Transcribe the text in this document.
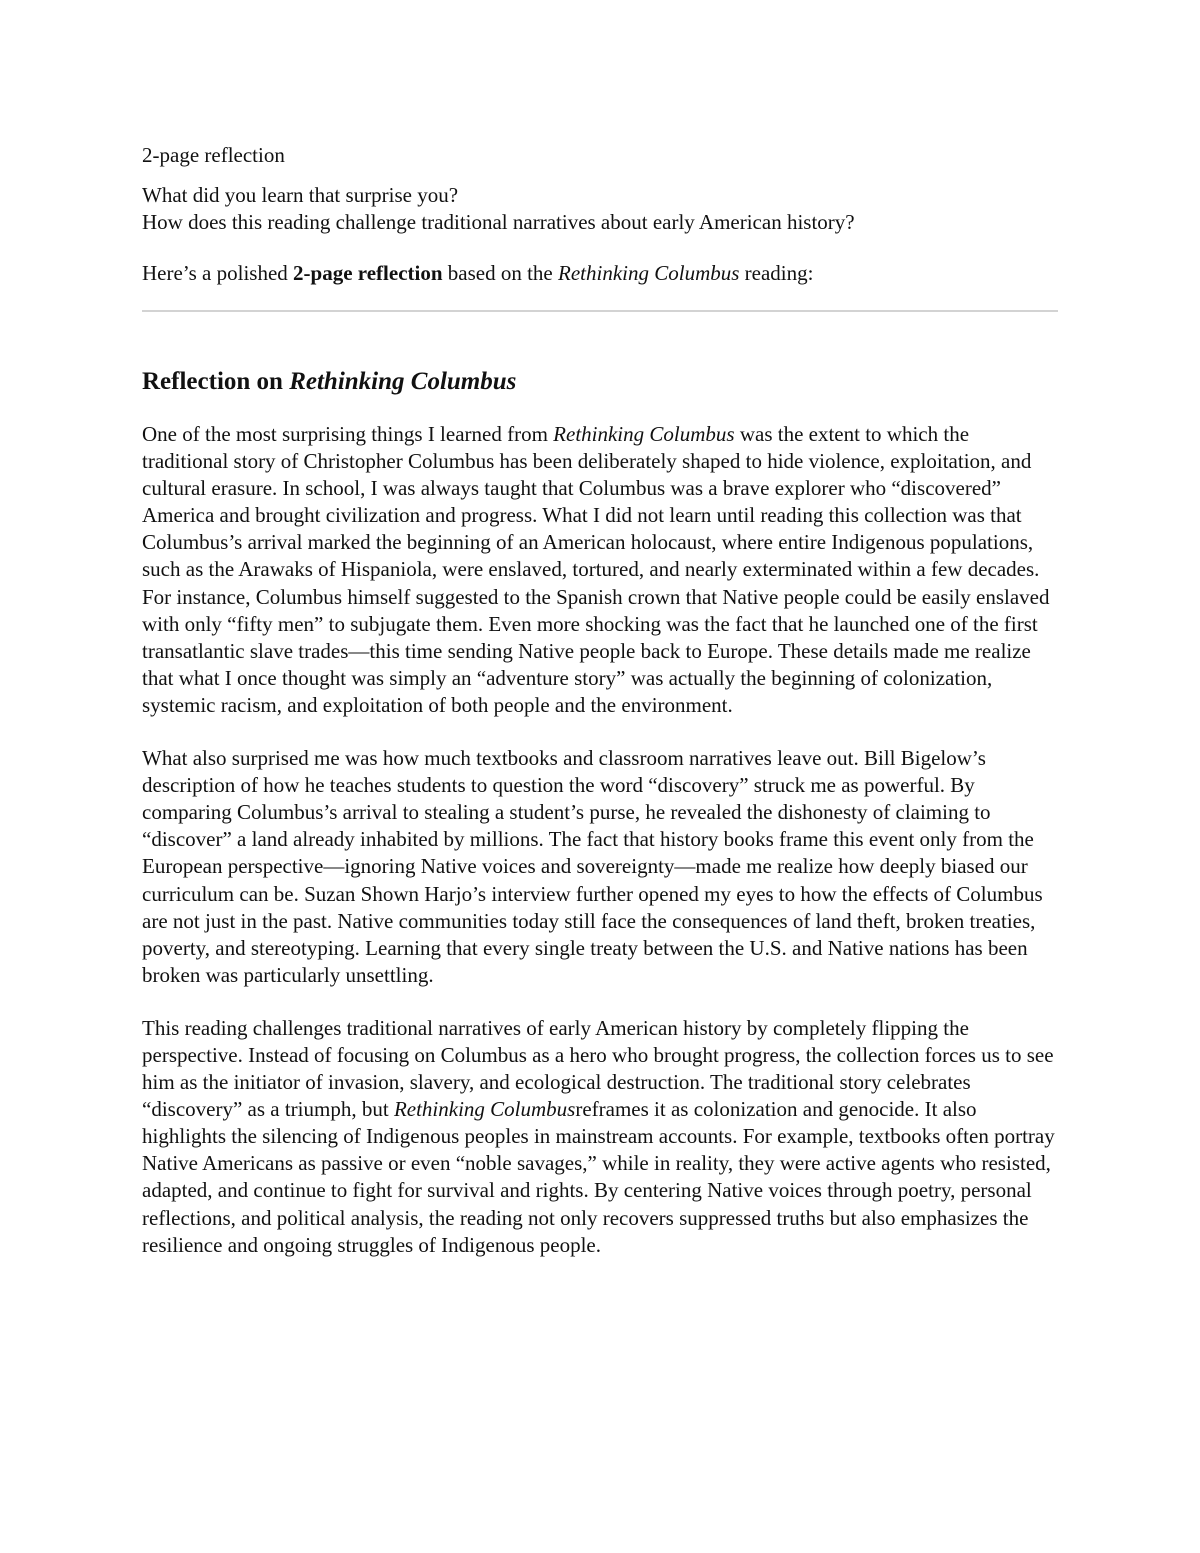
2-page reflection

What did you learn that surprise you?

How does this reading challenge traditional narratives about early American history?

Here’s a polished 2-page reflection based on the Rethinking Columbus reading:

Reflection on Rethinking Columbus

One of the most surprising things I learned from Rethinking Columbus was the extent to which the traditional story of Christopher Columbus has been deliberately shaped to hide violence, exploitation, and cultural erasure. In school, I was always taught that Columbus was a brave explorer who “discovered” America and brought civilization and progress. What I did not learn until reading this collection was that Columbus’s arrival marked the beginning of an American holocaust, where entire Indigenous populations, such as the Arawaks of Hispaniola, were enslaved, tortured, and nearly exterminated within a few decades. For instance, Columbus himself suggested to the Spanish crown that Native people could be easily enslaved with only “fifty men” to subjugate them. Even more shocking was the fact that he launched one of the first transatlantic slave trades—this time sending Native people back to Europe. These details made me realize that what I once thought was simply an “adventure story” was actually the beginning of colonization, systemic racism, and exploitation of both people and the environment.

What also surprised me was how much textbooks and classroom narratives leave out. Bill Bigelow’s description of how he teaches students to question the word “discovery” struck me as powerful. By comparing Columbus’s arrival to stealing a student’s purse, he revealed the dishonesty of claiming to “discover” a land already inhabited by millions. The fact that history books frame this event only from the European perspective—ignoring Native voices and sovereignty—made me realize how deeply biased our curriculum can be. Suzan Shown Harjo’s interview further opened my eyes to how the effects of Columbus are not just in the past. Native communities today still face the consequences of land theft, broken treaties, poverty, and stereotyping. Learning that every single treaty between the U.S. and Native nations has been broken was particularly unsettling.

This reading challenges traditional narratives of early American history by completely flipping the perspective. Instead of focusing on Columbus as a hero who brought progress, the collection forces us to see him as the initiator of invasion, slavery, and ecological destruction. The traditional story celebrates “discovery” as a triumph, but Rethinking Columbusreframes it as colonization and genocide. It also highlights the silencing of Indigenous peoples in mainstream accounts. For example, textbooks often portray Native Americans as passive or even “noble savages,” while in reality, they were active agents who resisted, adapted, and continue to fight for survival and rights. By centering Native voices through poetry, personal reflections, and political analysis, the reading not only recovers suppressed truths but also emphasizes the resilience and ongoing struggles of Indigenous people.
